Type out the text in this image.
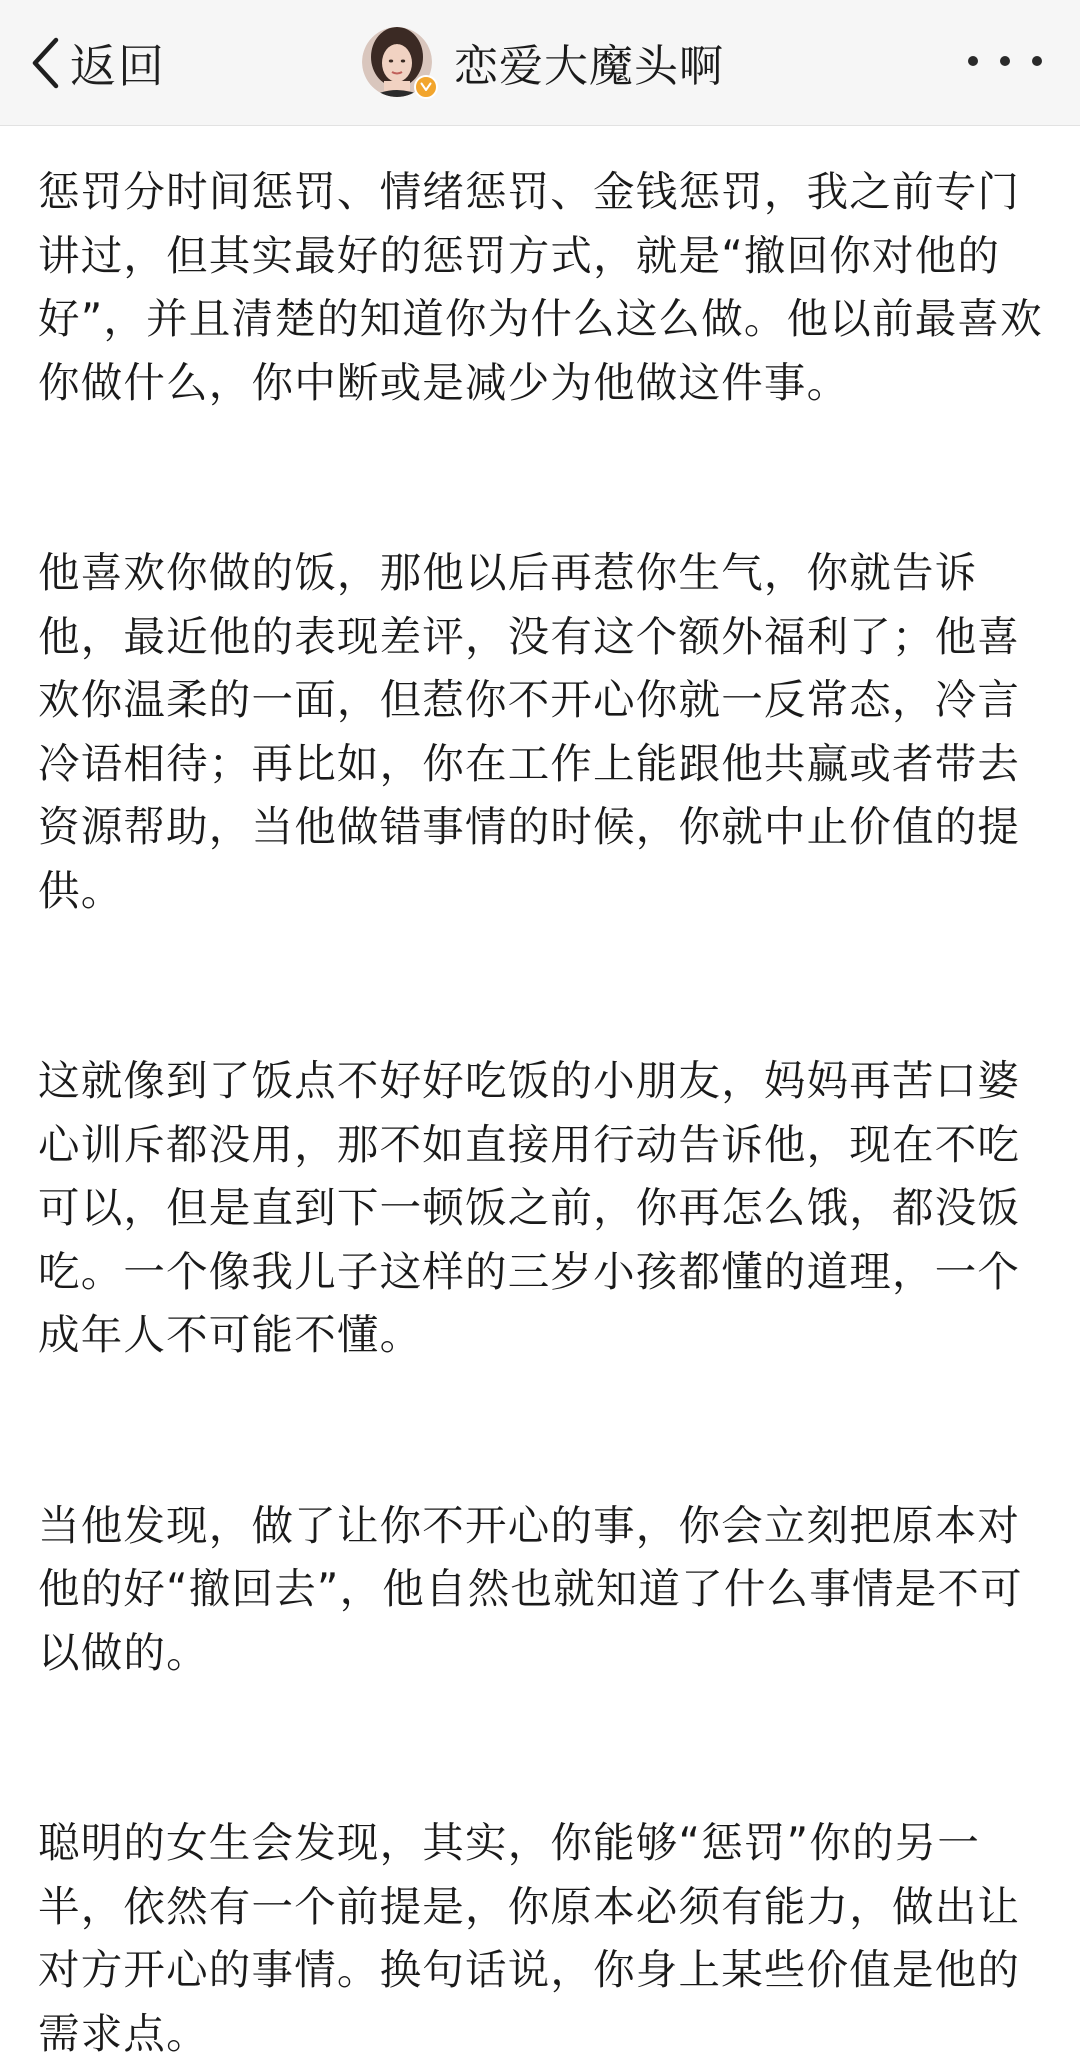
返回	恋爱大魔头啊

惩罚分时间惩罚、情绪惩罚、金钱惩罚，我之前专门讲过，但其实最好的惩罚方式，就是“撤回你对他的好”，并且清楚的知道你为什么这么做。他以前最喜欢你做什么，你中断或是减少为他做这件事。

他喜欢你做的饭，那他以后再惹你生气，你就告诉他，最近他的表现差评，没有这个额外福利了；他喜欢你温柔的一面，但惹你不开心你就一反常态，冷言冷语相待；再比如，你在工作上能跟他共赢或者带去资源帮助，当他做错事情的时候，你就中止价值的提供。

这就像到了饭点不好好吃饭的小朋友，妈妈再苦口婆心训斥都没用，那不如直接用行动告诉他，现在不吃可以，但是直到下一顿饭之前，你再怎么饿，都没饭吃。一个像我儿子这样的三岁小孩都懂的道理，一个成年人不可能不懂。

当他发现，做了让你不开心的事，你会立刻把原本对他的好“撤回去”，他自然也就知道了什么事情是不可以做的。

聪明的女生会发现，其实，你能够“惩罚”你的另一半，依然有一个前提是，你原本必须有能力，做出让对方开心的事情。换句话说，你身上某些价值是他的需求点。
